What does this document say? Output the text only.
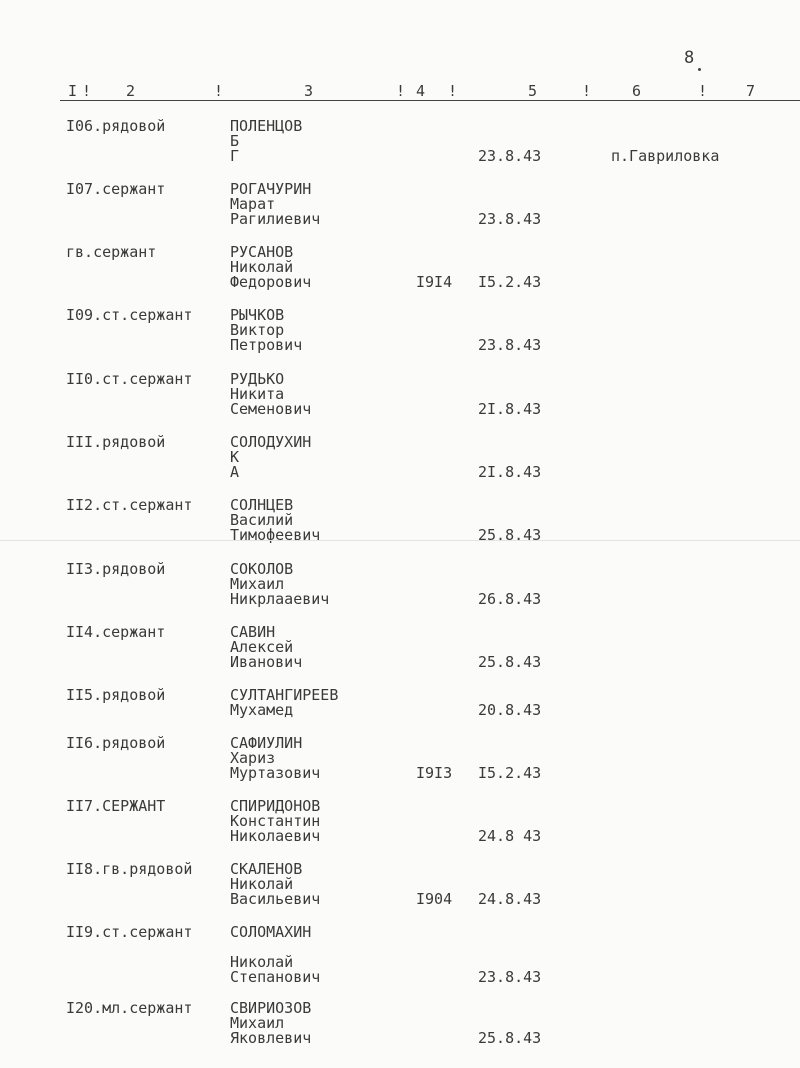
8
I ! 2	!	3	! 4 !	5	!	6	!	7
I06.рядовой	ПОЛЕНЦОВ
Б
Г	23.8.43	п.Гавриловка
I07.сержант	РОГАЧУРИН
Марат
Рагилиевич	23.8.43
гв.сержант	РУСАНОВ
Николай
Федорович	I9I4 I5.2.43
I09.ст.сержант	РЫЧКОВ
Виктор
Петрович	23.8.43
II0.ст.сержант	РУДЬКО
Никита
Семенович	2I.8.43
III.рядовой	СОЛОДУХИН
К
А	2I.8.43
II2.ст.сержант	СОЛНЦЕВ
Василий
Тимофеевич	25.8.43
II3.рядовой	СОКОЛОВ
Михаил
Никрлааевич	26.8.43
II4.сержант	САВИН
Алексей
Иванович	25.8.43
II5.рядовой	СУЛТАНГИРЕЕВ
Мухамед	20.8.43
II6.рядовой	САФИУЛИН
Хариз
Муртазович	I9I3 I5.2.43
II7.СЕРЖАНТ	СПИРИДОНОВ
Константин
Николаевич	24.8 43
II8.гв.рядовой	СКАЛЕНОВ
Николай
Васильевич	I904 24.8.43
II9.ст.сержант	СОЛОМАХИН
Николай
Степанович	23.8.43
I20.мл.сержант	СВИРИОЗОВ
Михаил
Яковлевич	25.8.43
